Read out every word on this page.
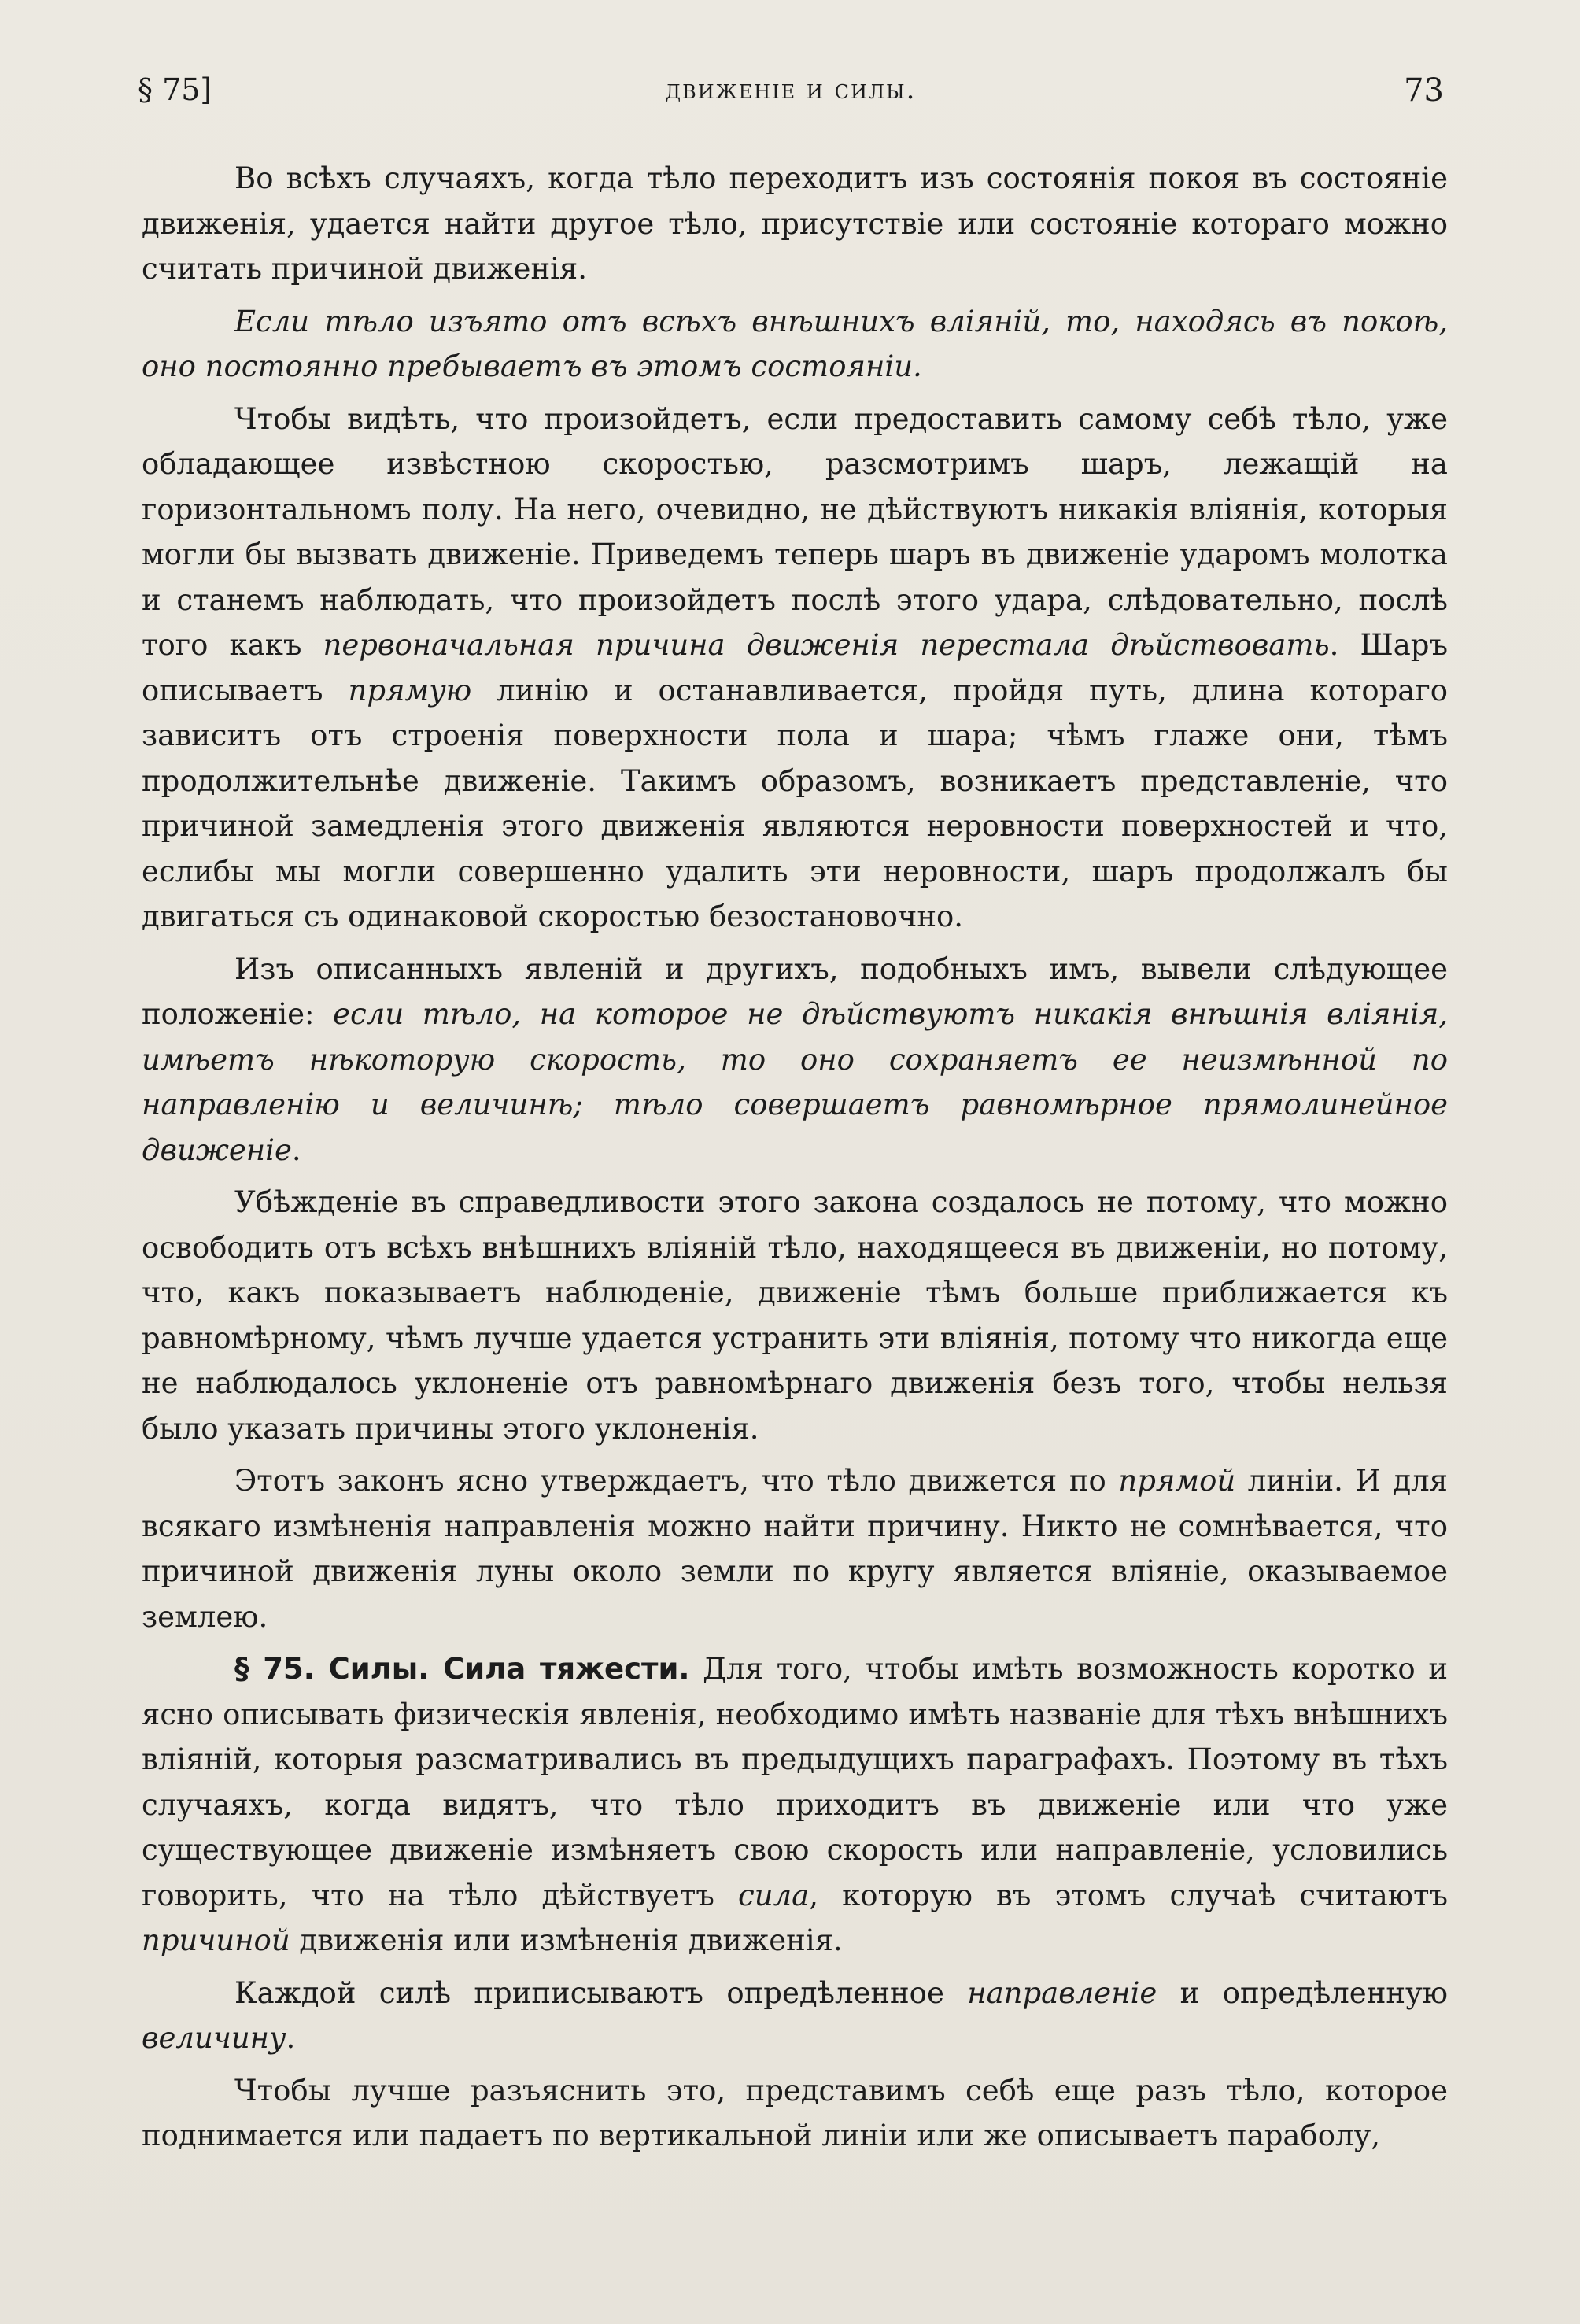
§ 75]	движеніе и силы.	73

Во всѣхъ случаяхъ, когда тѣло переходитъ изъ состоянія покоя въ состояніе движенія, удается найти другое тѣло, присутствіе или состояніе котораго можно считать причиной движенія.

Если тѣло изъято отъ всѣхъ внѣшнихъ вліяній, то, находясь въ покоѣ, оно постоянно пребываетъ въ этомъ состояніи.

Чтобы видѣть, что произойдетъ, если предоставить самому себѣ тѣло, уже обладающее извѣстною скоростью, разсмотримъ шаръ, лежащій на горизонтальномъ полу. На него, очевидно, не дѣйствуютъ никакія вліянія, которыя могли бы вызвать движеніе. Приведемъ теперь шаръ въ движеніе ударомъ молотка и станемъ наблюдать, что произойдетъ послѣ этого удара, слѣдовательно, послѣ того какъ первоначальная причина движенія перестала дѣйствовать. Шаръ описываетъ прямую линію и останавливается, пройдя путь, длина котораго зависитъ отъ строенія поверхности пола и шара; чѣмъ глаже они, тѣмъ продолжительнѣе движеніе. Такимъ образомъ, возникаетъ представленіе, что причиной замедленія этого движенія являются неровности поверхностей и что, еслибы мы могли совершенно удалить эти неровности, шаръ продолжалъ бы двигаться съ одинаковой скоростью безостановочно.

Изъ описанныхъ явленій и другихъ, подобныхъ имъ, вывели слѣдующее положеніе: если тѣло, на которое не дѣйствуютъ никакія внѣшнія вліянія, имѣетъ нѣкоторую скорость, то оно сохраняетъ ее неизмѣнной по направленію и величинѣ; тѣло совершаетъ равномѣрное прямолинейное движеніе.

Убѣжденіе въ справедливости этого закона создалось не потому, что можно освободить отъ всѣхъ внѣшнихъ вліяній тѣло, находящееся въ движеніи, но потому, что, какъ показываетъ наблюденіе, движеніе тѣмъ больше приближается къ равномѣрному, чѣмъ лучше удается устранить эти вліянія, потому что никогда еще не наблюдалось уклоненіе отъ равномѣрнаго движенія безъ того, чтобы нельзя было указать причины этого уклоненія.

Этотъ законъ ясно утверждаетъ, что тѣло движется по прямой линіи. И для всякаго измѣненія направленія можно найти причину. Никто не сомнѣвается, что причиной движенія луны около земли по кругу является вліяніе, оказываемое землею.

§ 75. Силы. Сила тяжести. Для того, чтобы имѣть возможность коротко и ясно описывать физическія явленія, необходимо имѣть названіе для тѣхъ внѣшнихъ вліяній, которыя разсматривались въ предыдущихъ параграфахъ. Поэтому въ тѣхъ случаяхъ, когда видятъ, что тѣло приходитъ въ движеніе или что уже существующее движеніе измѣняетъ свою скорость или направленіе, условились говорить, что на тѣло дѣйствуетъ сила, которую въ этомъ случаѣ считаютъ причиной движенія или измѣненія движенія.

Каждой силѣ приписываютъ опредѣленное направленіе и опредѣленную величину.

Чтобы лучше разъяснить это, представимъ себѣ еще разъ тѣло, которое поднимается или падаетъ по вертикальной линіи или же описываетъ параболу,
